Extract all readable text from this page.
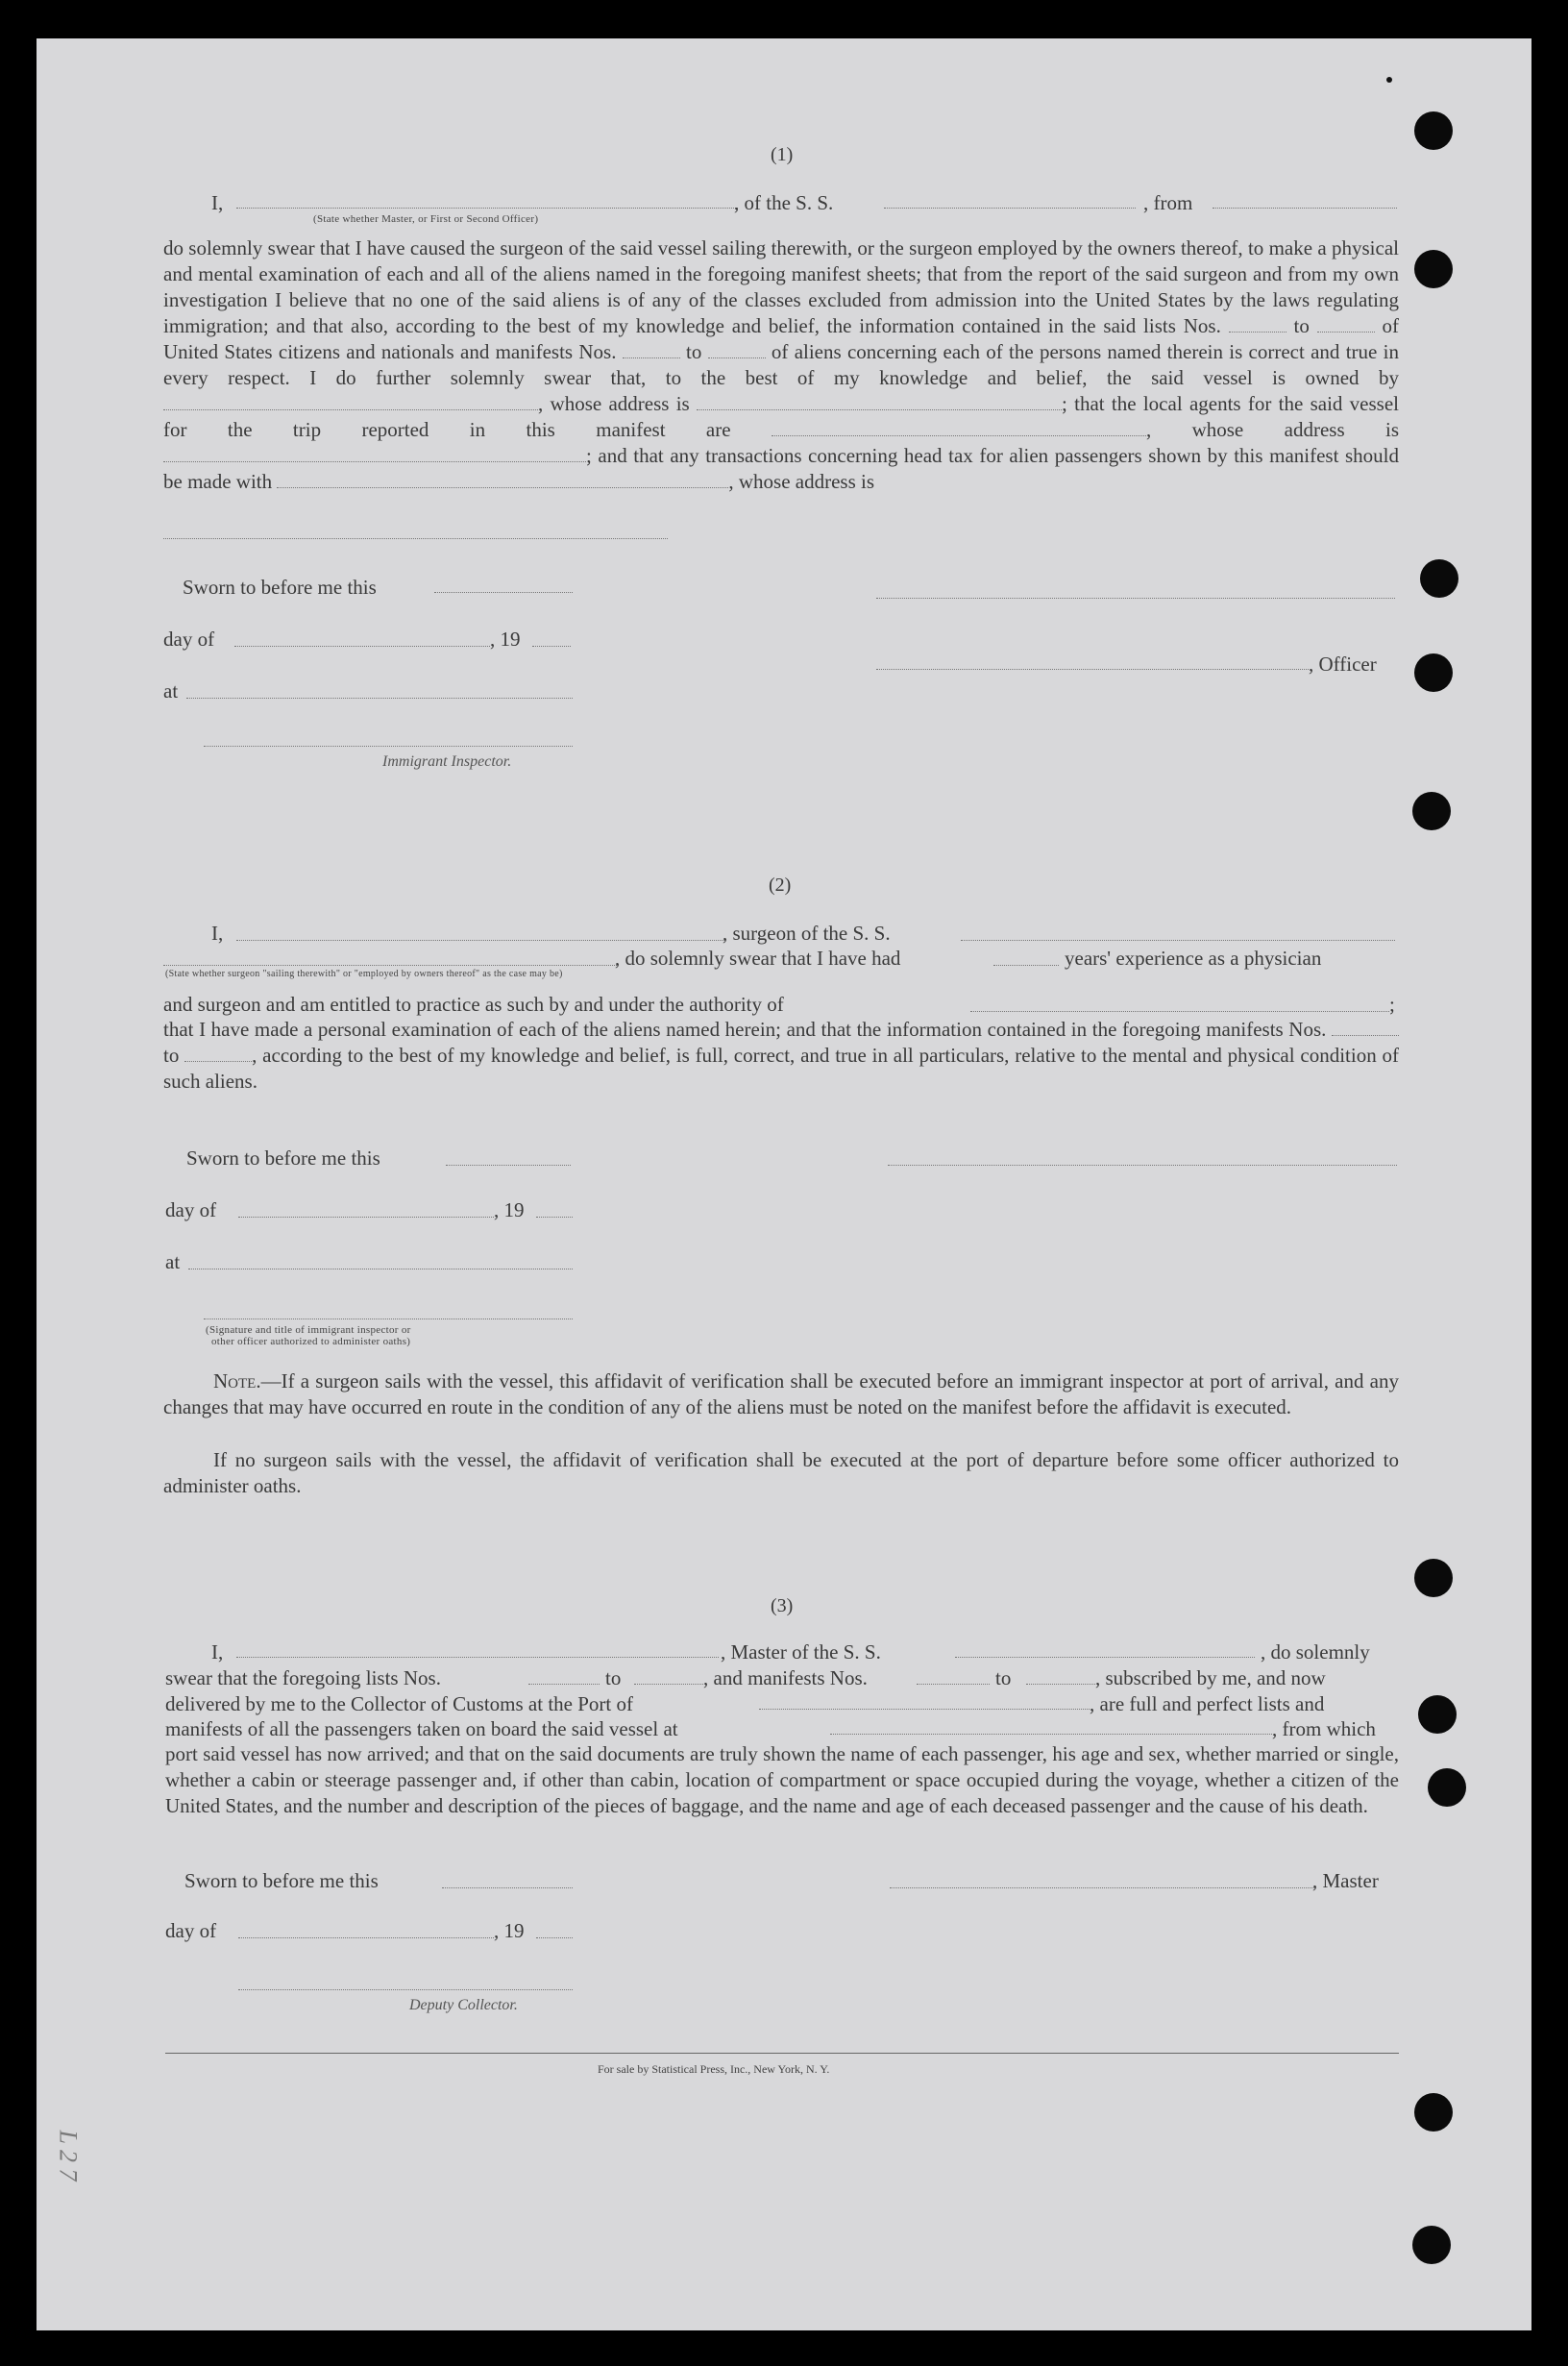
L 2 7
(1)
I,	, of the S. S.	, from
(State whether Master, or First or Second Officer)
do solemnly swear that I have caused the surgeon of the said vessel sailing therewith, or the surgeon employed by the owners thereof, to make a physical and mental examination of each and all of the aliens named in the foregoing manifest sheets; that from the report of the said surgeon and from my own investigation I believe that no one of the said aliens is of any of the classes excluded from admission into the United States by the laws regulating immigration; and that also, according to the best of my knowledge and belief, the information contained in the said lists Nos.	to	of United States citizens and nationals and manifests Nos.	to	of aliens concerning each of the persons named therein is correct and true in every respect. I do further solemnly swear that, to the best of my knowledge and belief, the said vessel is owned by , whose address is	; that the local agents for the said vessel for the trip reported in this manifest are	, whose address is ; and that any transactions concerning head tax for alien passengers shown by this manifest should be made with	, whose address is
Sworn to before me this
day of	, 19
, Officer
at
Immigrant Inspector.
(2)
I,	, surgeon of the S. S.
, do solemnly swear that I have had	years' experience as a physician
(State whether surgeon "sailing therewith" or "employed by owners thereof" as the case may be)
and surgeon and am entitled to practice as such by and under the authority of	;
that I have made a personal examination of each of the aliens named herein; and that the information contained in the foregoing manifests Nos.  to	, according to the best of my knowledge and belief, is full, correct, and true in all particulars, relative to the mental and physical condition of such aliens.
Sworn to before me this
day of	, 19
at
(Signature and title of immigrant inspector or
other officer authorized to administer oaths)
Note.—If a surgeon sails with the vessel, this affidavit of verification shall be executed before an immigrant inspector at port of arrival, and any changes that may have occurred en route in the condition of any of the aliens must be noted on the manifest before the affidavit is executed.
If no surgeon sails with the vessel, the affidavit of verification shall be executed at the port of departure before some officer authorized to administer oaths.
(3)
I,	, Master of the S. S.	, do solemnly
swear that the foregoing lists Nos.	to	, and manifests Nos.	to	, subscribed by me, and now
delivered by me to the Collector of Customs at the Port of	, are full and perfect lists and
manifests of all the passengers taken on board the said vessel at	, from which
port said vessel has now arrived; and that on the said documents are truly shown the name of each passenger, his age and sex, whether married or single, whether a cabin or steerage passenger and, if other than cabin, location of compartment or space occupied during the voyage, whether a citizen of the United States, and the number and description of the pieces of baggage, and the name and age of each deceased passenger and the cause of his death.
Sworn to before me this	, Master
day of	, 19
Deputy Collector.
For sale by Statistical Press, Inc., New York, N. Y.
